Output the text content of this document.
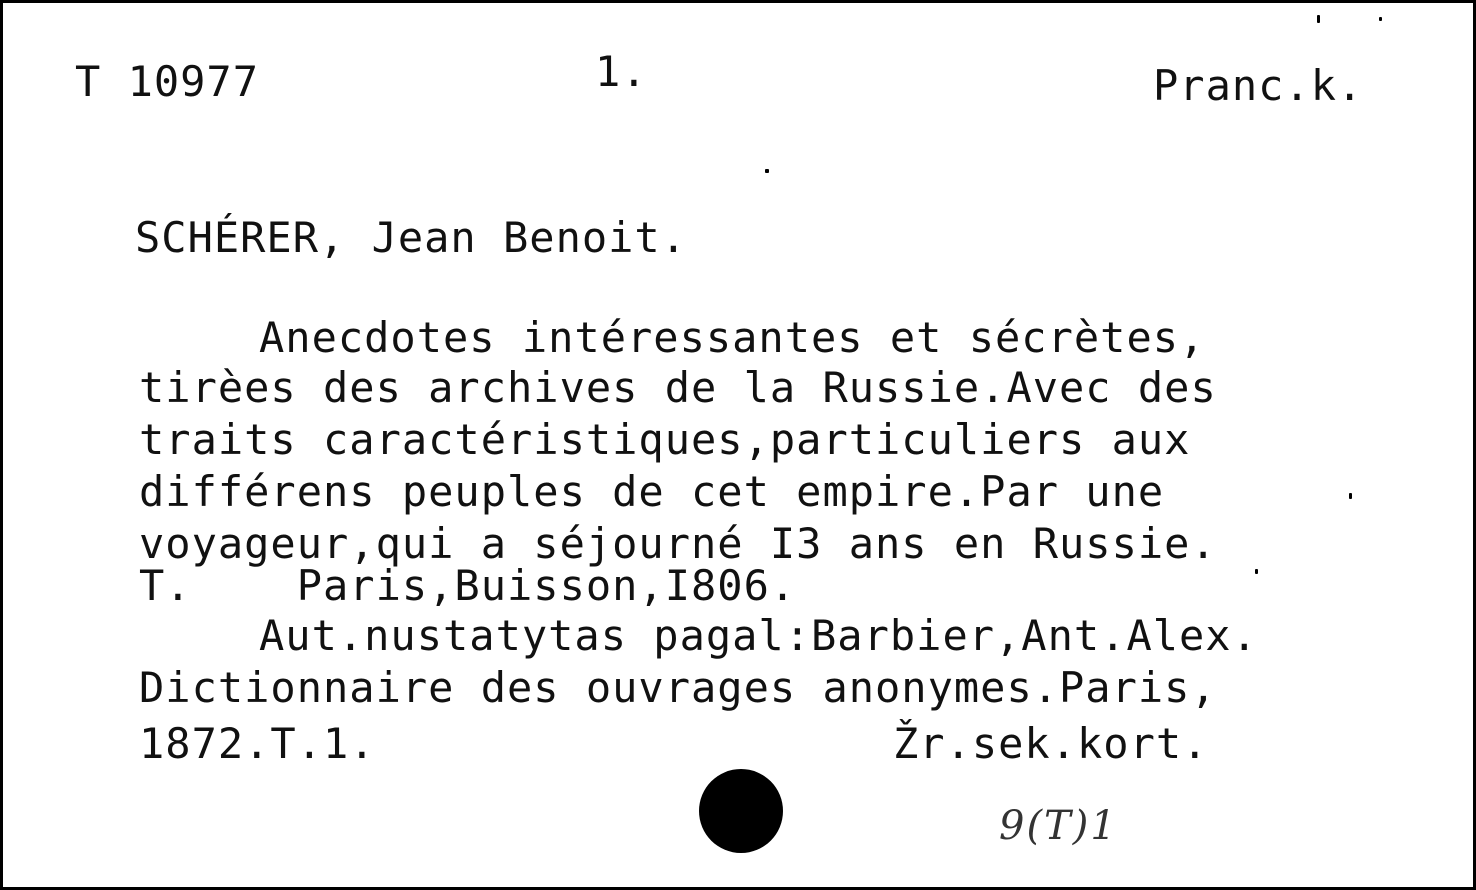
T 10977	1.	Pranc.k.
SCHÉRER, Jean Benoit.
Anecdotes intéressantes et sécrètes,
tirèes des archives de la Russie.Avec des
traits caractéristiques,particuliers aux
différens peuples de cet empire.Par une
voyageur,qui a séjourné I3 ans en Russie.
T.    Paris,Buisson,I806.
Aut.nustatytas pagal:Barbier,Ant.Alex.
Dictionnaire des ouvrages anonymes.Paris,
1872.T.1.	Žr.sek.kort.
9(T)1
